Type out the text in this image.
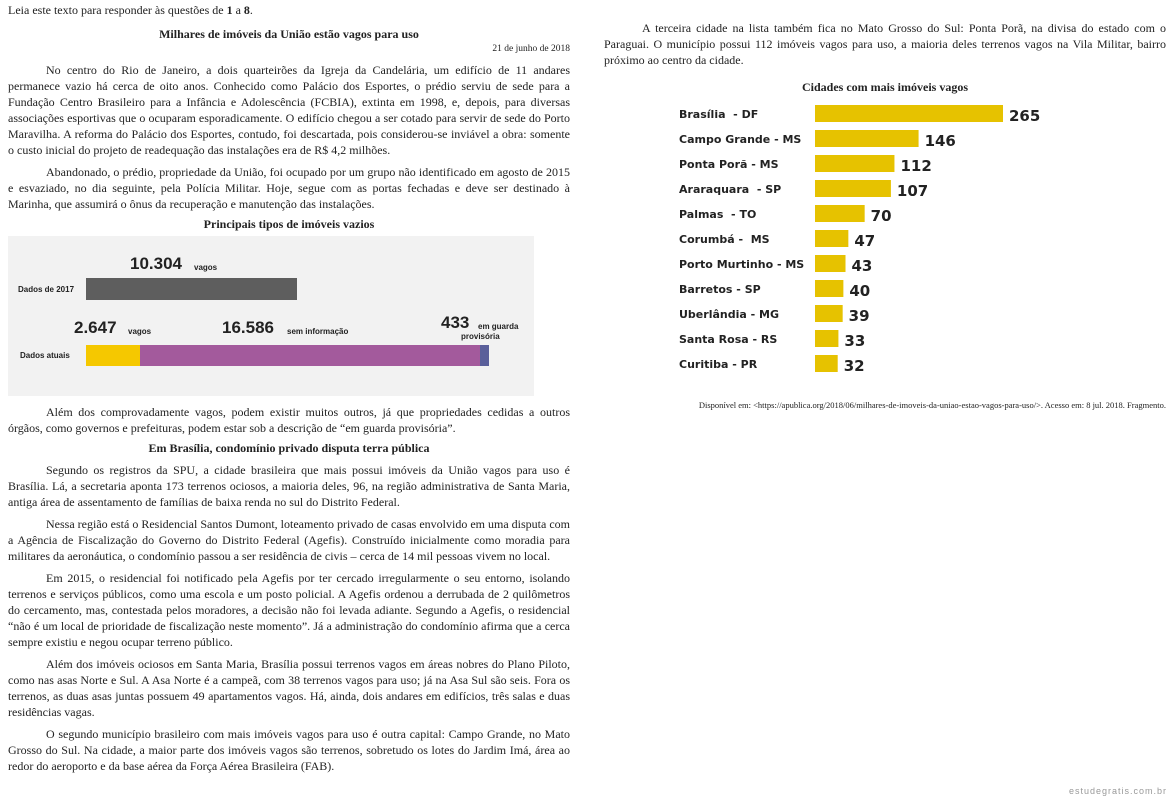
Leia este texto para responder às questões de 1 a 8.

Milhares de imóveis da União estão vagos para uso
21 de junho de 2018

No centro do Rio de Janeiro, a dois quarteirões da Igreja da Candelária, um edifício de 11 andares permanece vazio há cerca de oito anos. Conhecido como Palácio dos Esportes, o prédio serviu de sede para a Fundação Centro Brasileiro para a Infância e Adolescência (FCBIA), extinta em 1998, e, depois, para diversas associações esportivas que o ocuparam esporadicamente. O edifício chegou a ser cotado para servir de sede do Porto Maravilha. A reforma do Palácio dos Esportes, contudo, foi descartada, pois considerou-se inviável a obra: somente o custo inicial do projeto de readequação das instalações era de R$ 4,2 milhões.

Abandonado, o prédio, propriedade da União, foi ocupado por um grupo não identificado em agosto de 2015 e esvaziado, no dia seguinte, pela Polícia Militar. Hoje, segue com as portas fechadas e deve ser destinado à Marinha, que assumirá o ônus da recuperação e manutenção das instalações.

Principais tipos de imóveis vazios
10.304 vagos
Dados de 2017
2.647 vagos	16.586 sem informação	433 em guarda
provisória
Dados atuais

Além dos comprovadamente vagos, podem existir muitos outros, já que propriedades cedidas a outros órgãos, como governos e prefeituras, podem estar sob a descrição de “em guarda provisória”.

Em Brasília, condomínio privado disputa terra pública

Segundo os registros da SPU, a cidade brasileira que mais possui imóveis da União vagos para uso é Brasília. Lá, a secretaria aponta 173 terrenos ociosos, a maioria deles, 96, na região administrativa de Santa Maria, antiga área de assentamento de famílias de baixa renda no sul do Distrito Federal.

Nessa região está o Residencial Santos Dumont, loteamento privado de casas envolvido em uma disputa com a Agência de Fiscalização do Governo do Distrito Federal (Agefis). Construído inicialmente como moradia para militares da aeronáutica, o condomínio passou a ser residência de civis – cerca de 14 mil pessoas vivem no local.

Em 2015, o residencial foi notificado pela Agefis por ter cercado irregularmente o seu entorno, isolando terrenos e serviços públicos, como uma escola e um posto policial. A Agefis ordenou a derrubada de 2 quilômetros do cercamento, mas, contestada pelos moradores, a decisão não foi levada adiante. Segundo a Agefis, o residencial “não é um local de prioridade de fiscalização neste momento”. Já a administração do condomínio afirma que a cerca sempre existiu e negou ocupar terreno público.

Além dos imóveis ociosos em Santa Maria, Brasília possui terrenos vagos em áreas nobres do Plano Piloto, como nas asas Norte e Sul. A Asa Norte é a campeã, com 38 terrenos vagos para uso; já na Asa Sul são seis. Fora os terrenos, as duas asas juntas possuem 49 apartamentos vagos. Há, ainda, dois andares em edifícios, três salas e duas residências vagas.

O segundo município brasileiro com mais imóveis vagos para uso é outra capital: Campo Grande, no Mato Grosso do Sul. Na cidade, a maior parte dos imóveis vagos são terrenos, sobretudo os lotes do Jardim Imá, área ao redor do aeroporto e da base aérea da Força Aérea Brasileira (FAB).

A terceira cidade na lista também fica no Mato Grosso do Sul: Ponta Porã, na divisa do estado com o Paraguai. O município possui 112 imóveis vagos para uso, a maioria deles terrenos vagos na Vila Militar, bairro próximo ao centro da cidade.

Cidades com mais imóveis vagos
Brasília  - DF	265
Campo Grande - MS	146
Ponta Porã - MS	112
Araraquara  - SP	107
Palmas  - TO	70
Corumbá -  MS	47
Porto Murtinho - MS	43
Barretos - SP	40
Uberlândia - MG	39
Santa Rosa - RS	33
Curitiba - PR	32
Disponível em: <https://apublica.org/2018/06/milhares-de-imoveis-da-uniao-estao-vagos-para-uso/>. Acesso em: 8 jul. 2018. Fragmento.
estudegratis.com.br
